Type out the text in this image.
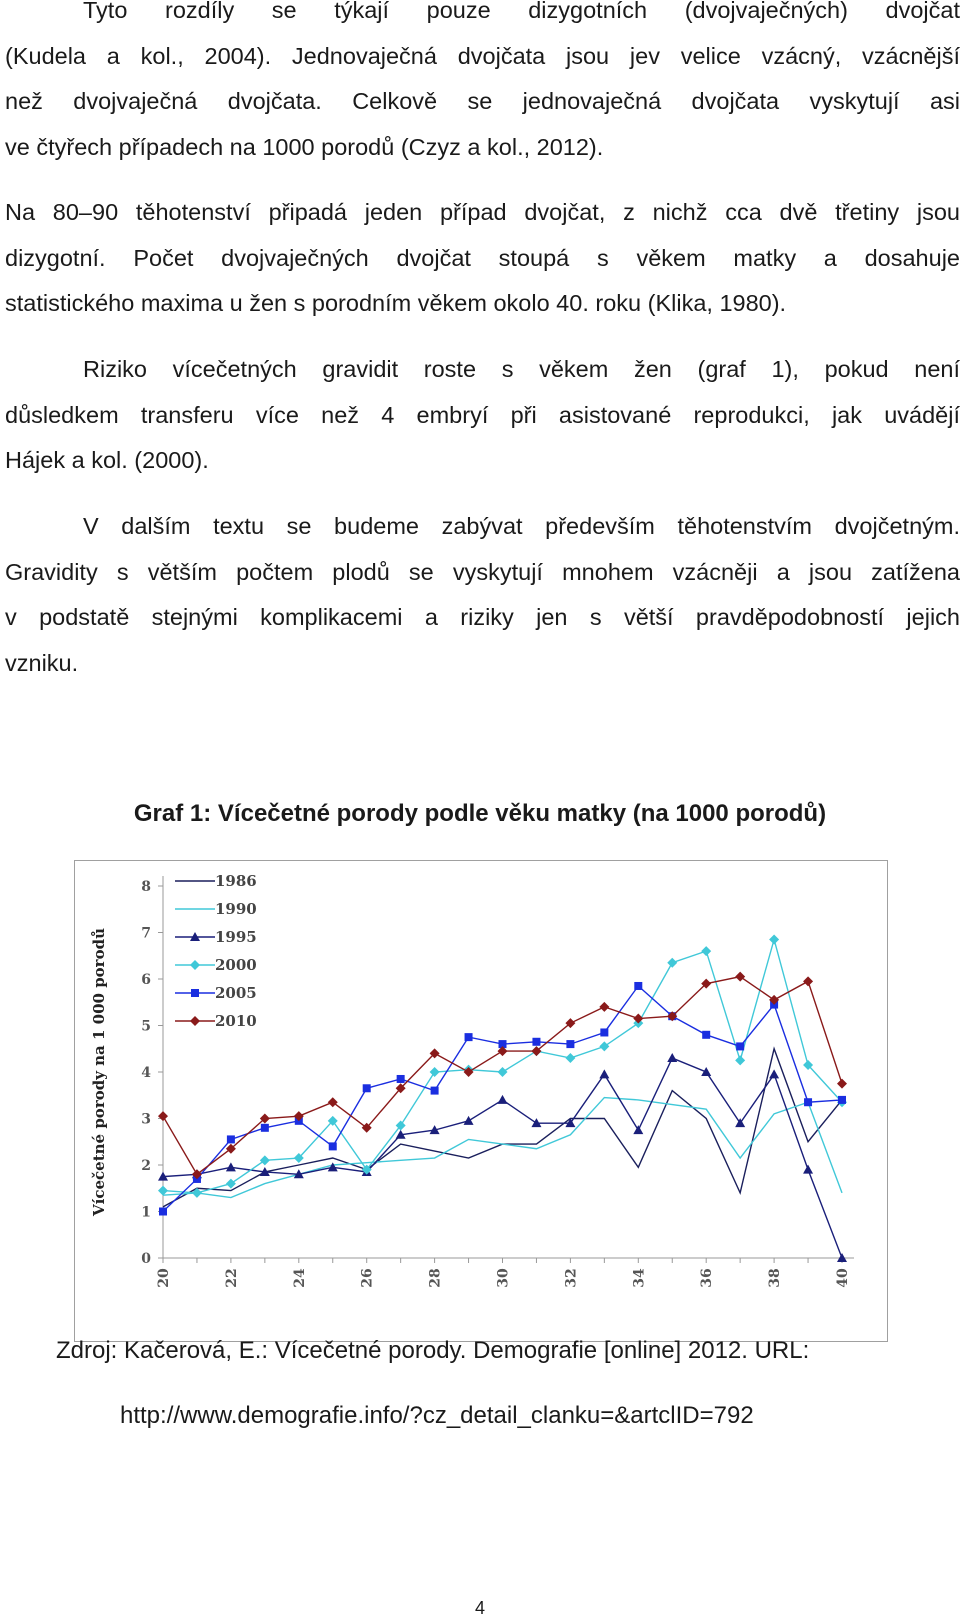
Tyto rozdíly se týkají pouze dizygotních (dvojvaječných) dvojčat
(Kudela a kol., 2004). Jednovaječná dvojčata jsou jev velice vzácný, vzácnější
než dvojvaječná dvojčata. Celkově se jednovaječná dvojčata vyskytují asi
ve čtyřech případech na 1000 porodů (Czyz a kol., 2012).

Na 80–90 těhotenství připadá jeden případ dvojčat, z nichž cca dvě třetiny jsou
dizygotní. Počet dvojvaječných dvojčat stoupá s věkem matky a dosahuje
statistického maxima u žen s porodním věkem okolo 40. roku (Klika, 1980).

Riziko vícečetných gravidit roste s věkem žen (graf 1), pokud není
důsledkem transferu více než 4 embryí při asistované reprodukci, jak uvádějí
Hájek a kol. (2000).

V dalším textu se budeme zabývat především těhotenstvím dvojčetným.
Gravidity s větším počtem plodů se vyskytují mnohem vzácněji a jsou zatížena
v podstatě stejnými komplikacemi a riziky jen s větší pravděpodobností jejich
vzniku.

Graf 1: Vícečetné porody podle věku matky (na 1000 porodů)

0
1
2
3
4
5
6
7
8
20	22	24	26	28	30	32	34	36	38	40
Vícečetné porody na 1 000 porodů
1986
1990
1995
2000
2005
2010

Zdroj: Kačerová, E.: Vícečetné porody. Demografie [online] 2012. URL:

http://www.demografie.info/?cz_detail_clanku=&artclID=792

4
